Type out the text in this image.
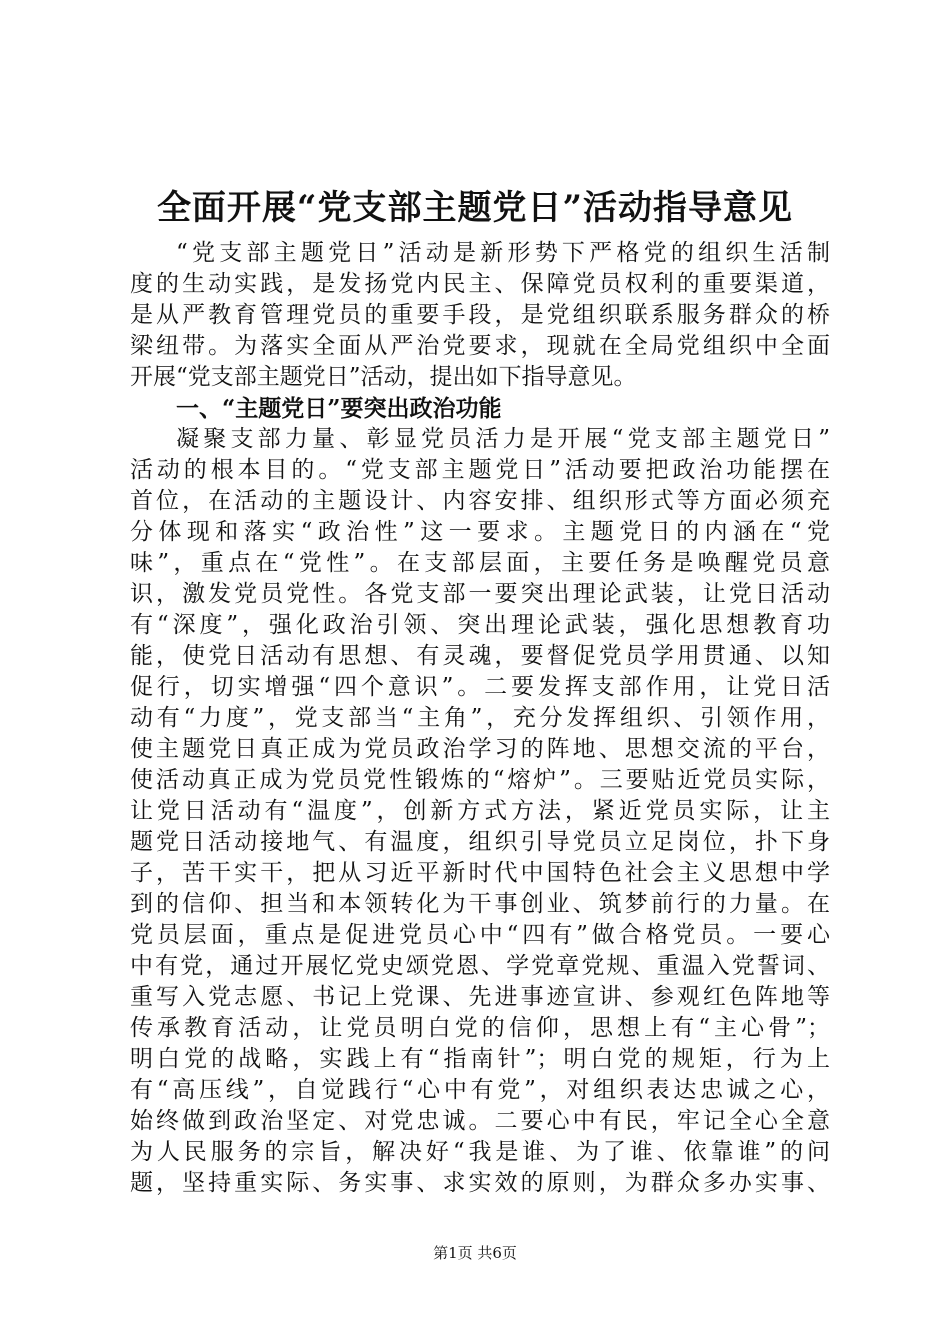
全面开展“党支部主题党日”活动指导意见
“党支部主题党日”活动是新形势下严格党的组织生活制
度的生动实践，是发扬党内民主、保障党员权利的重要渠道，
是从严教育管理党员的重要手段，是党组织联系服务群众的桥
梁纽带。为落实全面从严治党要求，现就在全局党组织中全面
开展“党支部主题党日”活动，提出如下指导意见。
一、“主题党日”要突出政治功能
凝聚支部力量、彰显党员活力是开展“党支部主题党日”
活动的根本目的。“党支部主题党日”活动要把政治功能摆在
首位，在活动的主题设计、内容安排、组织形式等方面必须充
分体现和落实“政治性”这一要求。主题党日的内涵在“党
味”，重点在“党性”。在支部层面，主要任务是唤醒党员意
识，激发党员党性。各党支部一要突出理论武装，让党日活动
有“深度”，强化政治引领、突出理论武装，强化思想教育功
能，使党日活动有思想、有灵魂，要督促党员学用贯通、以知
促行，切实增强“四个意识”。二要发挥支部作用，让党日活
动有“力度”，党支部当“主角”，充分发挥组织、引领作用，
使主题党日真正成为党员政治学习的阵地、思想交流的平台，
使活动真正成为党员党性锻炼的“熔炉”。三要贴近党员实际，
让党日活动有“温度”，创新方式方法，紧近党员实际，让主
题党日活动接地气、有温度，组织引导党员立足岗位，扑下身
子，苦干实干，把从习近平新时代中国特色社会主义思想中学
到的信仰、担当和本领转化为干事创业、筑梦前行的力量。在
党员层面，重点是促进党员心中“四有”做合格党员。一要心
中有党，通过开展忆党史颂党恩、学党章党规、重温入党誓词、
重写入党志愿、书记上党课、先进事迹宣讲、参观红色阵地等
传承教育活动，让党员明白党的信仰，思想上有“主心骨”；
明白党的战略，实践上有“指南针”；明白党的规矩，行为上
有“高压线”，自觉践行“心中有党”，对组织表达忠诚之心，
始终做到政治坚定、对党忠诚。二要心中有民，牢记全心全意
为人民服务的宗旨，解决好“我是谁、为了谁、依靠谁”的问
题，坚持重实际、务实事、求实效的原则，为群众多办实事、
第1页 共6页
